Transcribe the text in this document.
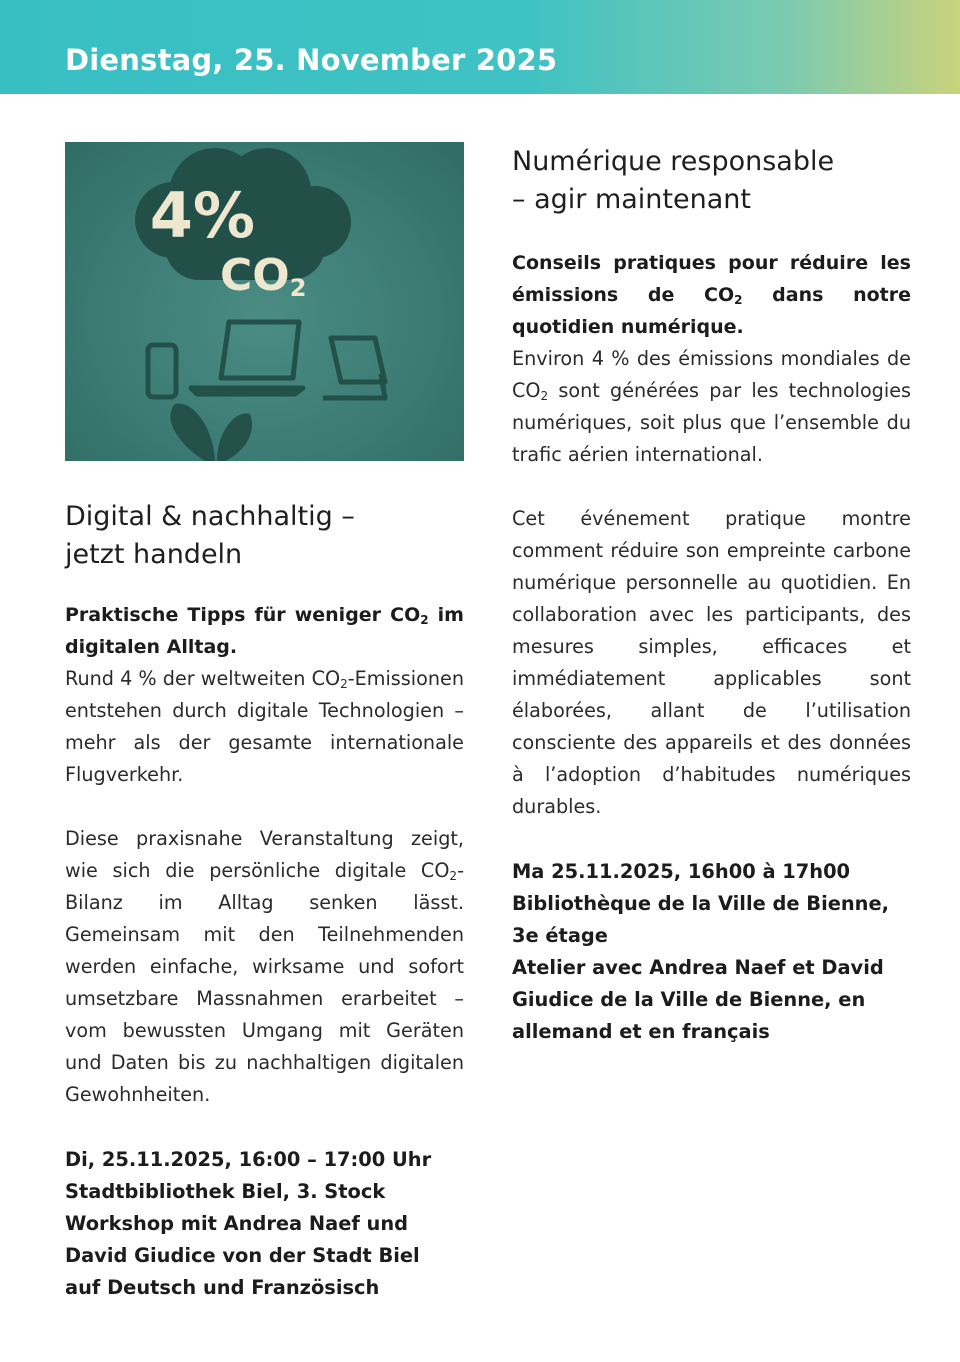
Dienstag, 25. November 2025
4%
CO2
Numérique responsable
– agir maintenant

Conseils pratiques pour réduire les émissions de $CO_2$ dans notre quotidien numérique.

Environ 4 % des émissions mondiales de $CO_2$ sont générées par les technologies numériques, soit plus que l’ensemble du trafic aérien international.

Cet événement pratique montre comment réduire son empreinte carbone numérique personnelle au quotidien. En collaboration avec les participants, des mesures simples, efficaces et immédiatement applicables sont élaborées, allant de l’utilisation consciente des appareils et des données à l’adoption d’habitudes numériques durables.

Ma 25.11.2025, 16h00 à 17h00
Bibliothèque de la Ville de Bienne,
3e étage
Atelier avec Andrea Naef et David
Giudice de la Ville de Bienne, en
allemand et en français
Digital & nachhaltig –
jetzt handeln

Praktische Tipps für weniger $CO_2$ im digitalen Alltag.

Rund 4 % der weltweiten $CO_2$-Emissionen entstehen durch digitale Technologien – mehr als der gesamte internationale Flugverkehr.

Diese praxisnahe Veranstaltung zeigt, wie sich die persönliche digitale $CO_2$-Bilanz im Alltag senken lässt. Gemeinsam mit den Teilnehmenden werden einfache, wirksame und sofort umsetzbare Massnahmen erarbeitet – vom bewussten Umgang mit Geräten und Daten bis zu nachhaltigen digitalen Gewohnheiten.

Di, 25.11.2025, 16:00 – 17:00 Uhr
Stadtbibliothek Biel, 3. Stock
Workshop mit Andrea Naef und
David Giudice von der Stadt Biel
auf Deutsch und Französisch
